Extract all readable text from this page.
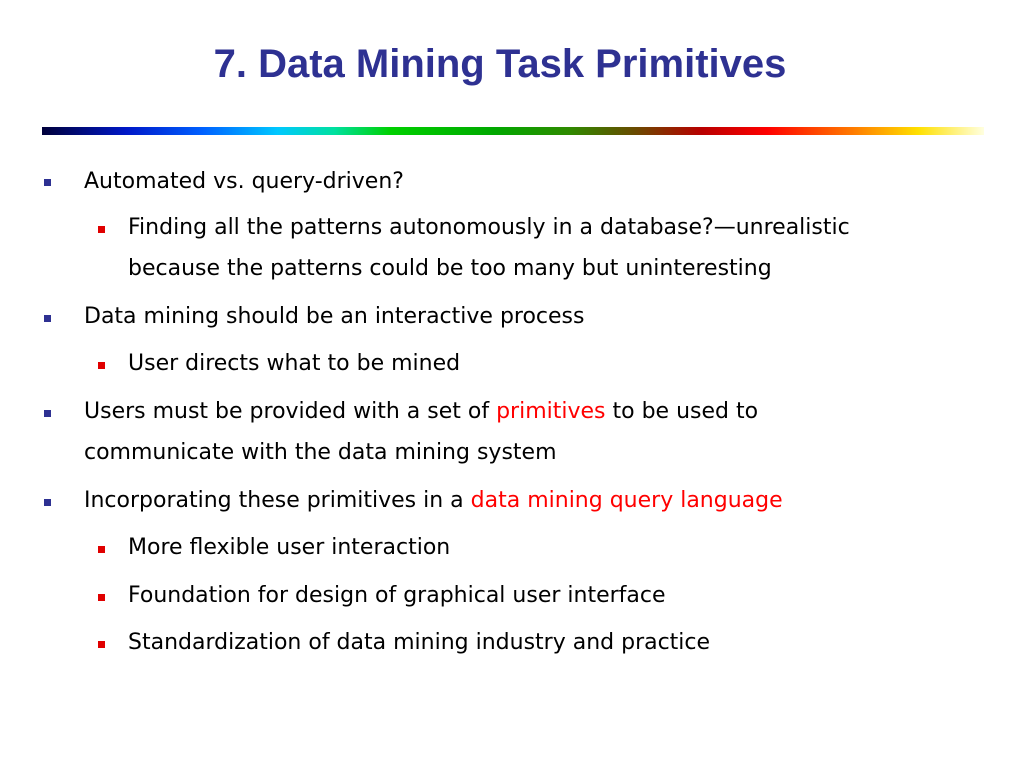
7. Data Mining Task Primitives
Automated vs. query-driven?
Finding all the patterns autonomously in a database?—unrealistic
because the patterns could be too many but uninteresting
Data mining should be an interactive process
User directs what to be mined
Users must be provided with a set of primitives to be used to
communicate with the data mining system
Incorporating these primitives in a data mining query language
More flexible user interaction
Foundation for design of graphical user interface
Standardization of data mining industry and practice
